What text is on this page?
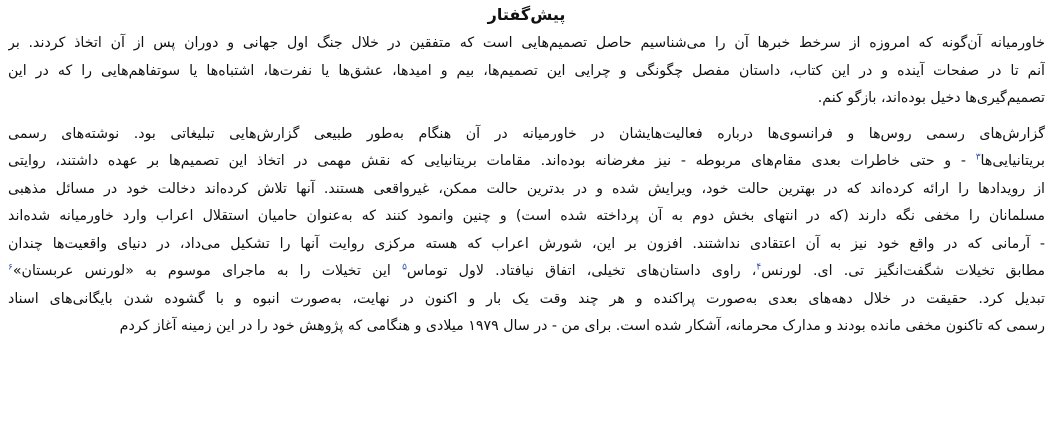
پیش‌گفتار
خاورمیانه آن‌گونه که امروزه از سرخط خبرها آن را می‌شناسیم حاصل تصمیم‌هایی است که متفقین در خلال جنگ اول جهانی و دوران پس از آن اتخاذ کردند. بر
آنم تا در صفحات آینده و در این کتاب، داستان مفصل چگونگی و چرایی این تصمیم‌ها، بیم و امیدها، عشق‌ها یا نفرت‌ها، اشتباه‌ها یا سوتفاهم‌هایی را که در این
تصمیم‌گیری‌ها دخیل بوده‌اند، بازگو کنم.
گزارش‌های رسمی روس‌ها و فرانسوی‌ها درباره فعالیت‌هایشان در خاورمیانه در آن هنگام به‌طور طبیعی گزارش‌هایی تبلیغاتی بود. نوشته‌های رسمی
بریتانیایی‌ها$^۳$ - و حتی خاطرات بعدی مقام‌های مربوطه - نیز مغرضانه بوده‌اند. مقامات بریتانیایی که نقش مهمی در اتخاذ این تصمیم‌ها بر عهده داشتند، روایتی
از رویدادها را ارائه کرده‌اند که در بهترین حالت خود، ویرایش شده و در بدترین حالت ممکن، غیرواقعی هستند. آنها تلاش کرده‌اند دخالت خود در مسائل مذهبی
مسلمانان را مخفی نگه دارند (که در انتهای بخش دوم به آن پرداخته شده است) و چنین وانمود کنند که به‌عنوان حامیان استقلال اعراب وارد خاورمیانه شده‌اند
- آرمانی که در واقع خود نیز به آن اعتقادی نداشتند. افزون بر این، شورش اعراب که هسته مرکزی روایت آنها را تشکیل می‌داد، در دنیای واقعیت‌ها چندان
مطابق تخیلات شگفت‌انگیز تی. ای. لورنس$^۴$، راوی داستان‌های تخیلی، اتفاق نیافتاد. لاول توماس$^۵$ این تخیلات را به ماجرای موسوم به «لورنس عربستان»$^۶$
تبدیل کرد. حقیقت در خلال دهه‌های بعدی به‌صورت پراکنده و هر چند وقت یک بار و اکنون در نهایت، به‌صورت انبوه و با گشوده شدن بایگانی‌های اسناد
رسمی که تاکنون مخفی مانده بودند و مدارک محرمانه، آشکار شده است. برای من - در سال ۱۹۷۹ میلادی و هنگامی که پژوهش خود را در این زمینه آغاز کردم
